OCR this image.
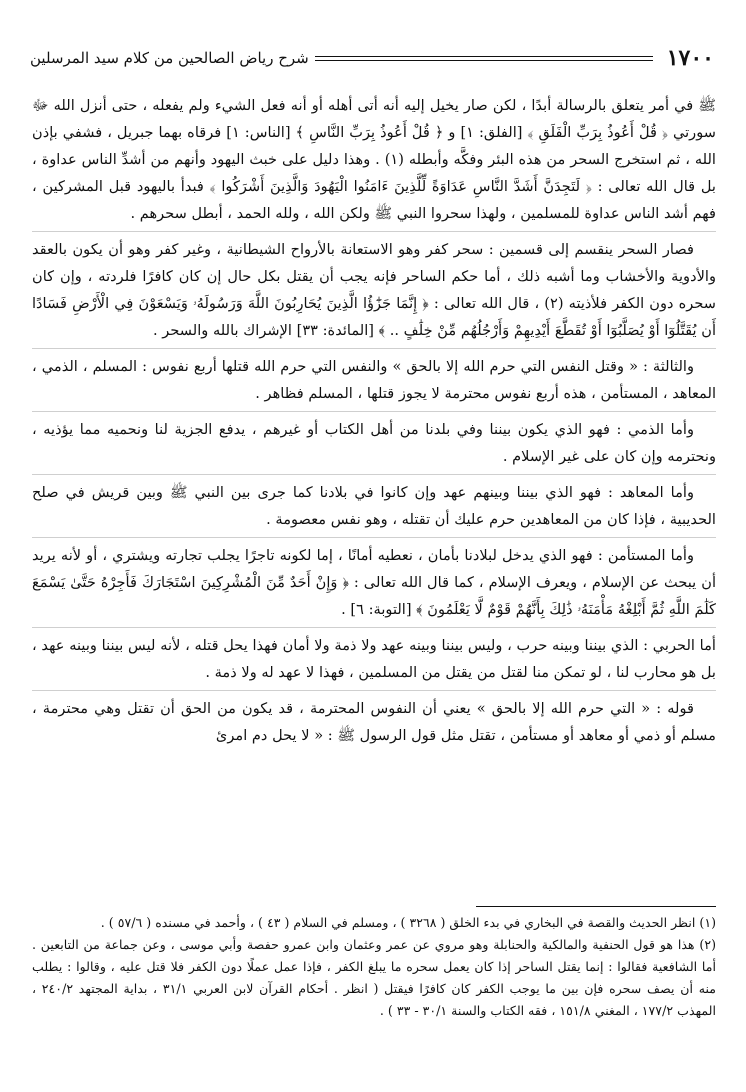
١٧٠٠
شرح رياض الصالحين من كلام سيد المرسلين

ﷺ في أمر يتعلق بالرسالة أبدًا ، لكن صار يخيل إليه أنه أتى أهله أو أنه فعل الشيء ولم يفعله ، حتى أنزل الله ﷻ سورتي ﴿ قُلْ أَعُوذُ بِرَبِّ الْفَلَقِ ﴾ [الفلق: ١] و ﴿ قُلْ أَعُوذُ بِرَبِّ النَّاسِ ﴾ [الناس: ١] فرقاه بهما جبريل ، فشفي بإذن الله ، ثم استخرج السحر من هذه البئر وفكَّه وأبطله (١) . وهذا دليل على خبث اليهود وأنهم من أشدِّ الناس عداوة ، بل قال الله تعالى : ﴿ لَتَجِدَنَّ أَشَدَّ النَّاسِ عَدَاوَةً لِّلَّذِينَ ءَامَنُوا الْيَهُودَ وَالَّذِينَ أَشْرَكُوا ﴾ فبدأ باليهود قبل المشركين ، فهم أشد الناس عداوة للمسلمين ، ولهذا سحروا النبي ﷺ ولكن الله ، ولله الحمد ، أبطل سحرهم .

فصار السحر ينقسم إلى قسمين : سحر كفر وهو الاستعانة بالأرواح الشيطانية ، وغير كفر وهو أن يكون بالعقد والأدوية والأخشاب وما أشبه ذلك ، أما حكم الساحر فإنه يجب أن يقتل بكل حال إن كان كافرًا فلردته ، وإن كان سحره دون الكفر فلأذيته (٢) ، قال الله تعالى : ﴿ إِنَّمَا جَزَٰٓؤُا الَّذِينَ يُحَارِبُونَ اللَّهَ وَرَسُولَهُۥ وَيَسْعَوْنَ فِي الْأَرْضِ فَسَادًا أَن يُقَتَّلُوٓا أَوْ يُصَلَّبُوٓا أَوْ تُقَطَّعَ أَيْدِيهِمْ وَأَرْجُلُهُم مِّنْ خِلَٰفٍ .. ﴾ [المائدة: ٣٣] الإشراك بالله والسحر .

والثالثة : « وقتل النفس التي حرم الله إلا بالحق » والنفس التي حرم الله قتلها أربع نفوس : المسلم ، الذمي ، المعاهد ، المستأمن ، هذه أربع نفوس محترمة لا يجوز قتلها ، المسلم فظاهر .

وأما الذمي : فهو الذي يكون بيننا وفي بلدنا من أهل الكتاب أو غيرهم ، يدفع الجزية لنا ونحميه مما يؤذيه ، ونحترمه وإن كان على غير الإسلام .

وأما المعاهد : فهو الذي بيننا وبينهم عهد وإن كانوا في بلادنا كما جرى بين النبي ﷺ وبين قريش في صلح الحديبية ، فإذا كان من المعاهدين حرم عليك أن تقتله ، وهو نفس معصومة .

وأما المستأمن : فهو الذي يدخل لبلادنا بأمان ، نعطيه أمانًا ، إما لكونه تاجرًا يجلب تجارته ويشتري ، أو لأنه يريد أن يبحث عن الإسلام ، ويعرف الإسلام ، كما قال الله تعالى : ﴿ وَإِنْ أَحَدٌ مِّنَ الْمُشْرِكِينَ اسْتَجَارَكَ فَأَجِرْهُ حَتَّىٰ يَسْمَعَ كَلَٰمَ اللَّهِ ثُمَّ أَبْلِغْهُ مَأْمَنَهُۥ ذَٰلِكَ بِأَنَّهُمْ قَوْمٌ لَّا يَعْلَمُونَ ﴾ [التوبة: ٦] .

أما الحربي : الذي بيننا وبينه حرب ، وليس بيننا وبينه عهد ولا ذمة ولا أمان فهذا يحل قتله ، لأنه ليس بيننا وبينه عهد ، بل هو محارب لنا ، لو تمكن منا لقتل من يقتل من المسلمين ، فهذا لا عهد له ولا ذمة .

قوله : « التي حرم الله إلا بالحق » يعني أن النفوس المحترمة ، قد يكون من الحق أن تقتل وهي محترمة ، مسلم أو ذمي أو معاهد أو مستأمن ، تقتل مثل قول الرسول ﷺ : « لا يحل دم امرئ

(١) انظر الحديث والقصة في البخاري في بدء الخلق ( ٣٢٦٨ ) ، ومسلم في السلام ( ٤٣ ) ، وأحمد في مسنده ( ٥٧/٦ ) .

(٢) هذا هو قول الحنفية والمالكية والحنابلة وهو مروي عن عمر وعثمان وابن عمرو حفصة وأبي موسى ، وعن جماعة من التابعين . أما الشافعية فقالوا : إنما يقتل الساحر إذا كان يعمل سحره ما يبلغ الكفر ، فإذا عمل عملًا دون الكفر فلا قتل عليه ، وقالوا : يطلب منه أن يصف سحره فإن بين ما يوجب الكفر كان كافرًا فيقتل ( انظر . أحكام القرآن لابن العربي ٣١/١ ، بداية المجتهد ٢٤٠/٢ ، المهذب ١٧٧/٢ ، المغني ١٥١/٨ ، فقه الكتاب والسنة ٣٠/١ - ٣٣ ) .
